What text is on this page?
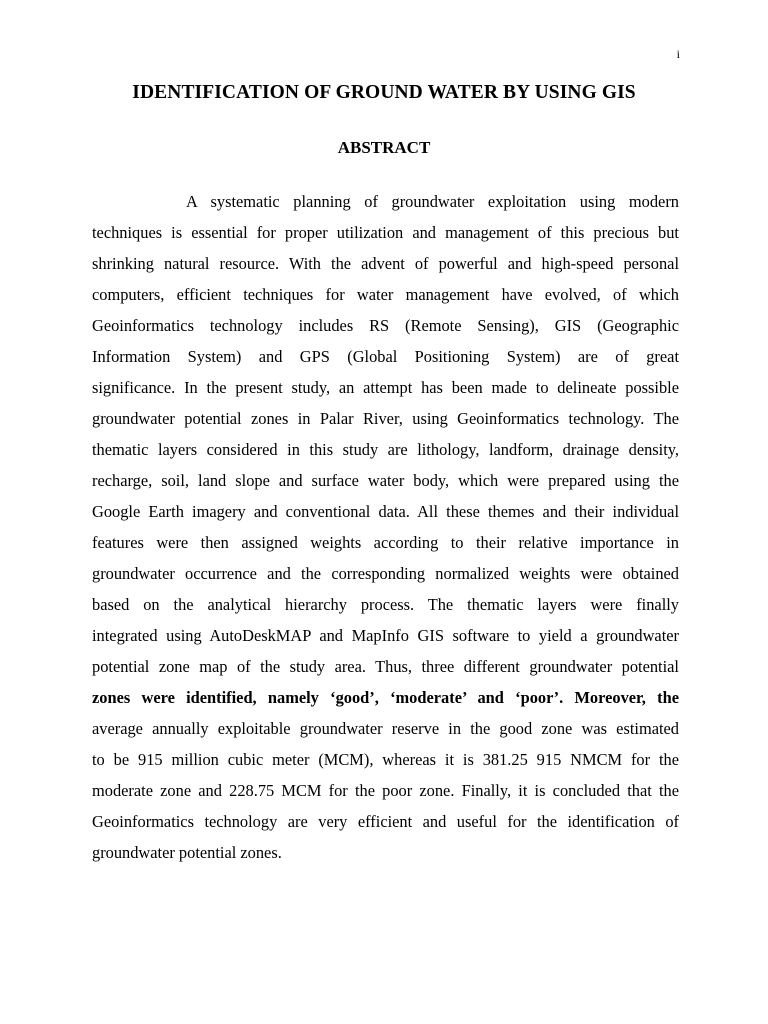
i
IDENTIFICATION OF GROUND WATER BY USING GIS
ABSTRACT
A systematic planning of groundwater exploitation using modern
techniques is essential for proper utilization and management of this precious but
shrinking natural resource. With the advent of powerful and high-speed personal
computers, efficient techniques for water management have evolved, of which
Geoinformatics technology includes RS (Remote Sensing), GIS (Geographic
Information System) and GPS (Global Positioning System) are of great
significance. In the present study, an attempt has been made to delineate possible
groundwater potential zones in Palar River, using Geoinformatics technology. The
thematic layers considered in this study are lithology, landform, drainage density,
recharge, soil, land slope and surface water body, which were prepared using the
Google Earth imagery and conventional data. All these themes and their individual
features were then assigned weights according to their relative importance in
groundwater occurrence and the corresponding normalized weights were obtained
based on the analytical hierarchy process. The thematic layers were finally
integrated using AutoDeskMAP and MapInfo GIS software to yield a groundwater
potential zone map of the study area. Thus, three different groundwater potential
zones were identified, namely ‘good’, ‘moderate’ and ‘poor’. Moreover, the
average annually exploitable groundwater reserve in the good zone was estimated
to be 915 million cubic meter (MCM), whereas it is 381.25 915 NMCM for the
moderate zone and 228.75 MCM for the poor zone. Finally, it is concluded that the
Geoinformatics technology are very efficient and useful for the identification of
groundwater potential zones.
